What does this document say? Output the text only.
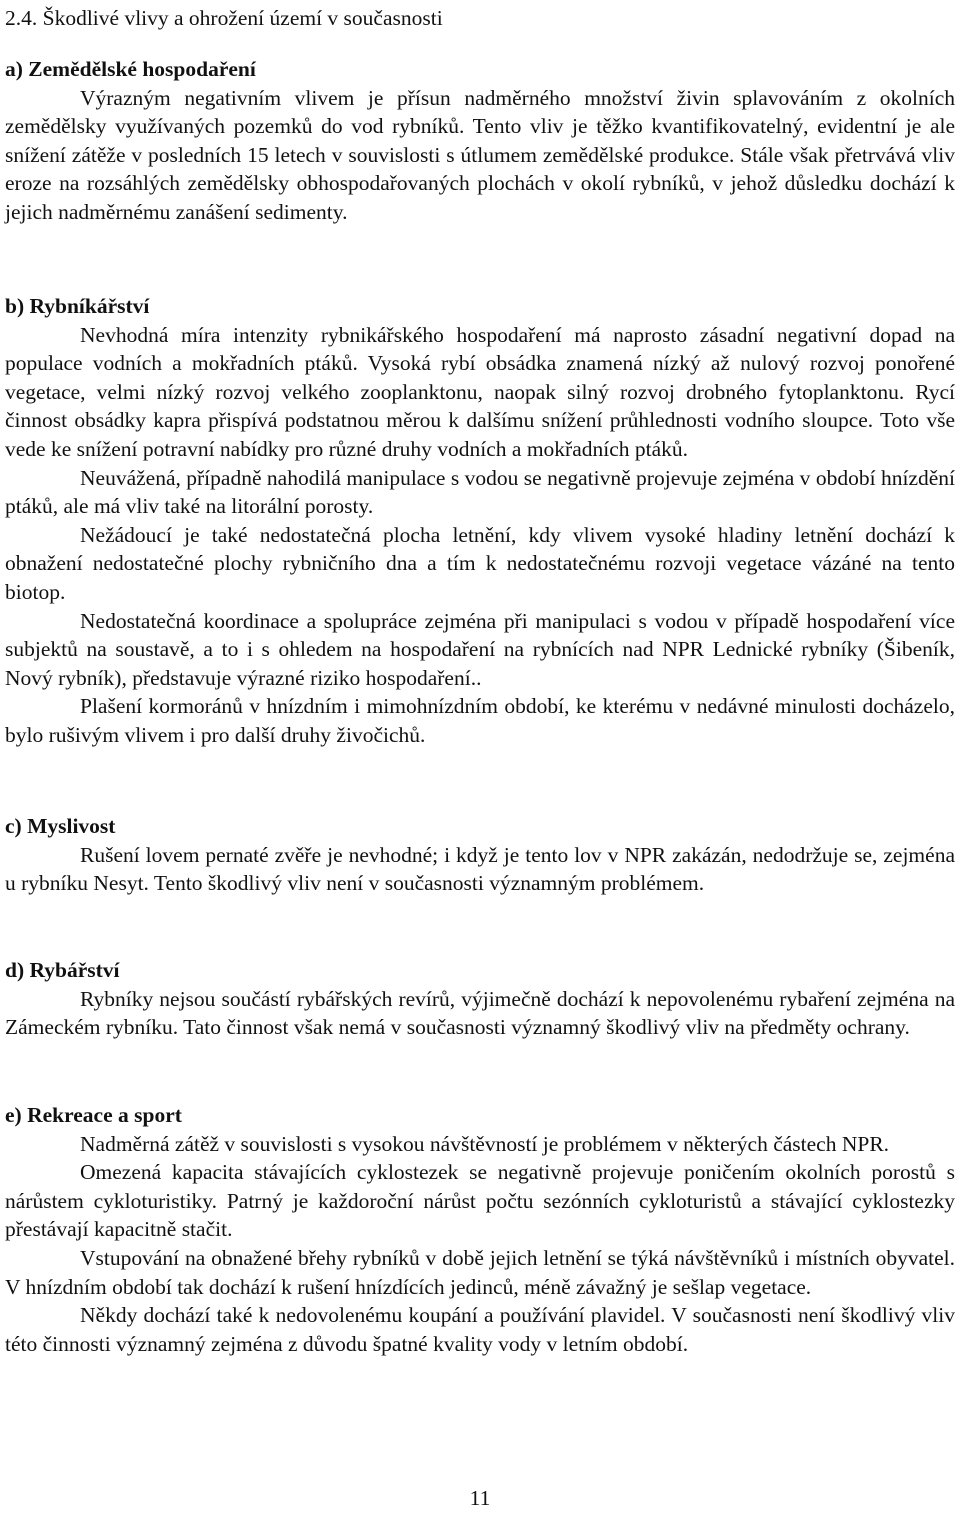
2.4. Škodlivé vlivy a ohrožení území v současnosti
a) Zemědělské hospodaření

Výrazným negativním vlivem je přísun nadměrného množství živin splavováním z okolních zemědělsky využívaných pozemků do vod rybníků. Tento vliv je těžko kvantifikovatelný, evidentní je ale snížení zátěže v posledních 15 letech v souvislosti s útlumem zemědělské produkce. Stále však přetrvává vliv eroze na rozsáhlých zemědělsky obhospodařovaných plochách v okolí rybníků, v jehož důsledku dochází k jejich nadměrnému zanášení sedimenty.

b) Rybníkářství

Nevhodná míra intenzity rybnikářského hospodaření má naprosto zásadní negativní dopad na populace vodních a mokřadních ptáků. Vysoká rybí obsádka znamená nízký až nulový rozvoj ponořené vegetace, velmi nízký rozvoj velkého zooplanktonu, naopak silný rozvoj drobného fytoplanktonu. Rycí činnost obsádky kapra přispívá podstatnou měrou k dalšímu snížení průhlednosti vodního sloupce. Toto vše vede ke snížení potravní nabídky pro různé druhy vodních a mokřadních ptáků.

Neuvážená, případně nahodilá manipulace s vodou se negativně projevuje zejména v období hnízdění ptáků, ale má vliv také na litorální porosty.

Nežádoucí je také nedostatečná plocha letnění, kdy vlivem vysoké hladiny letnění dochází k obnažení nedostatečné plochy rybničního dna a tím k nedostatečnému rozvoji vegetace vázáné na tento biotop.

Nedostatečná koordinace a spolupráce zejména při manipulaci s vodou v případě hospodaření více subjektů na soustavě, a to i s ohledem na hospodaření na rybnících nad NPR Lednické rybníky (Šibeník, Nový rybník), představuje výrazné riziko hospodaření..

Plašení kormoránů v hnízdním i mimohnízdním období, ke kterému v nedávné minulosti docházelo, bylo rušivým vlivem i pro další druhy živočichů.

c) Myslivost

Rušení lovem pernaté zvěře je nevhodné; i když je tento lov v NPR zakázán, nedodržuje se, zejména u rybníku Nesyt. Tento škodlivý vliv není v současnosti významným problémem.

d) Rybářství

Rybníky nejsou součástí rybářských revírů, výjimečně dochází k nepovolenému rybaření zejména na Zámeckém rybníku. Tato činnost však nemá v současnosti významný škodlivý vliv na předměty ochrany.

e) Rekreace a sport

Nadměrná zátěž v souvislosti s vysokou návštěvností je problémem v některých částech NPR.

Omezená kapacita stávajících cyklostezek se negativně projevuje poničením okolních porostů s nárůstem cykloturistiky. Patrný je každoroční nárůst počtu sezónních cykloturistů a stávající cyklostezky přestávají kapacitně stačit.

Vstupování na obnažené břehy rybníků v době jejich letnění se týká návštěvníků i místních obyvatel. V hnízdním období tak dochází k rušení hnízdících jedinců, méně závažný je sešlap vegetace.

Někdy dochází také k nedovolenému koupání a používání plavidel. V současnosti není škodlivý vliv této činnosti významný zejména z důvodu špatné kvality vody v letním období.

11
